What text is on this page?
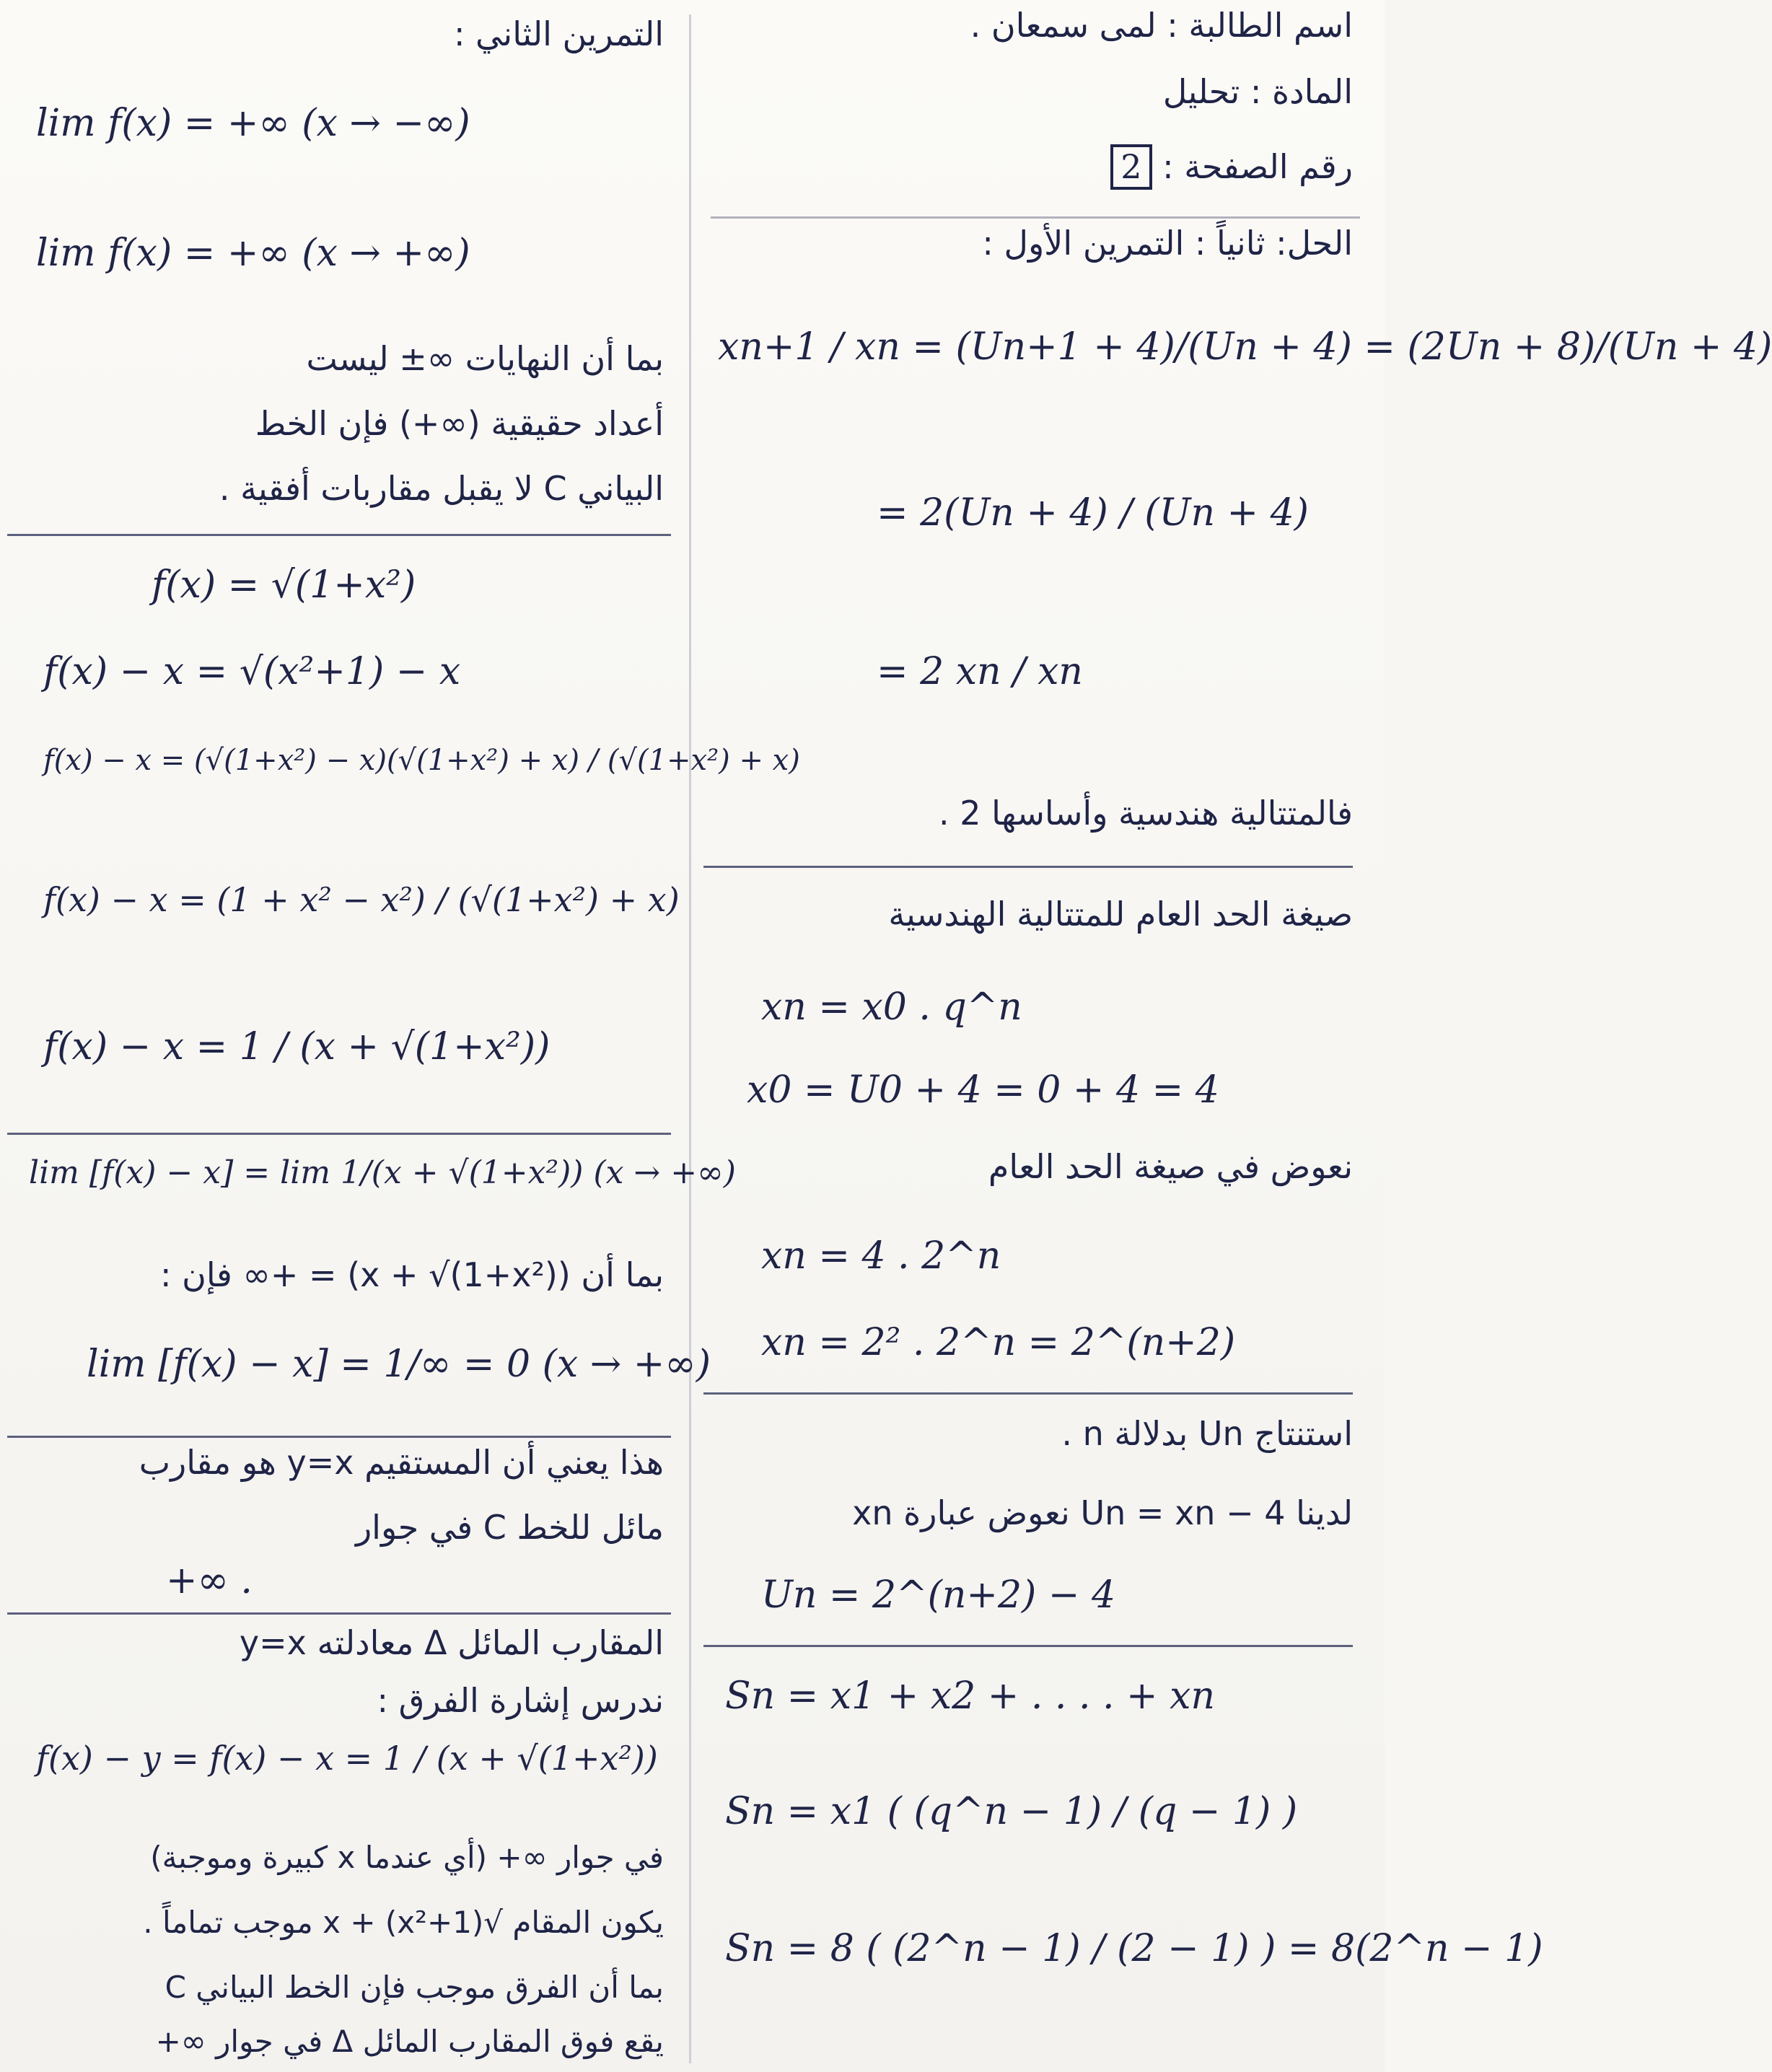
اسم الطالبة : لمى سمعان .
المادة : تحليل
رقم الصفحة : 2
الحل: ثانياً : التمرين الأول :
xn+1 / xn = (Un+1 + 4)/(Un + 4) = (2Un + 8)/(Un + 4)
= 2(Un + 4) / (Un + 4)
= 2 xn / xn
فالمتتالية هندسية وأساسها 2 .
صيغة الحد العام للمتتالية الهندسية
xn = x0 . q^n
x0 = U0 + 4 = 0 + 4 = 4
نعوض في صيغة الحد العام
xn = 4 . 2^n
xn = 2² . 2^n = 2^(n+2)
استنتاج Un بدلالة n .
لدينا Un = xn − 4 نعوض عبارة xn
Un = 2^(n+2) − 4
Sn = x1 + x2 + . . . . + xn
Sn = x1 ( (q^n − 1) / (q − 1) )
Sn = 8 ( (2^n − 1) / (2 − 1) ) = 8(2^n − 1)
التمرين الثاني :
lim f(x) = +∞ (x → −∞)
lim f(x) = +∞ (x → +∞)
بما أن النهايات ∞± ليست
أعداد حقيقية (∞+) فإن الخط
البياني C لا يقبل مقاربات أفقية .
f(x) = √(1+x²)
f(x) − x = √(x²+1) − x
f(x) − x = (√(1+x²) − x)(√(1+x²) + x) / (√(1+x²) + x)
f(x) − x = (1 + x² − x²) / (√(1+x²) + x)
f(x) − x = 1 / (x + √(1+x²))
lim [f(x) − x] = lim 1/(x + √(1+x²)) (x → +∞)
بما أن (x + √(1+x²)) = +∞ فإن :
lim [f(x) − x] = 1/∞ = 0 (x → +∞)
هذا يعني أن المستقيم y=x هو مقارب
مائل للخط C في جوار
+∞ .
المقارب المائل Δ معادلته y=x
ندرس إشارة الفرق :
f(x) − y = f(x) − x = 1 / (x + √(1+x²))
في جوار ∞+ (أي عندما x كبيرة وموجبة)
يكون المقام √(1+x²) + x موجب تماماً .
بما أن الفرق موجب فإن الخط البياني C
يقع فوق المقارب المائل Δ في جوار ∞+
